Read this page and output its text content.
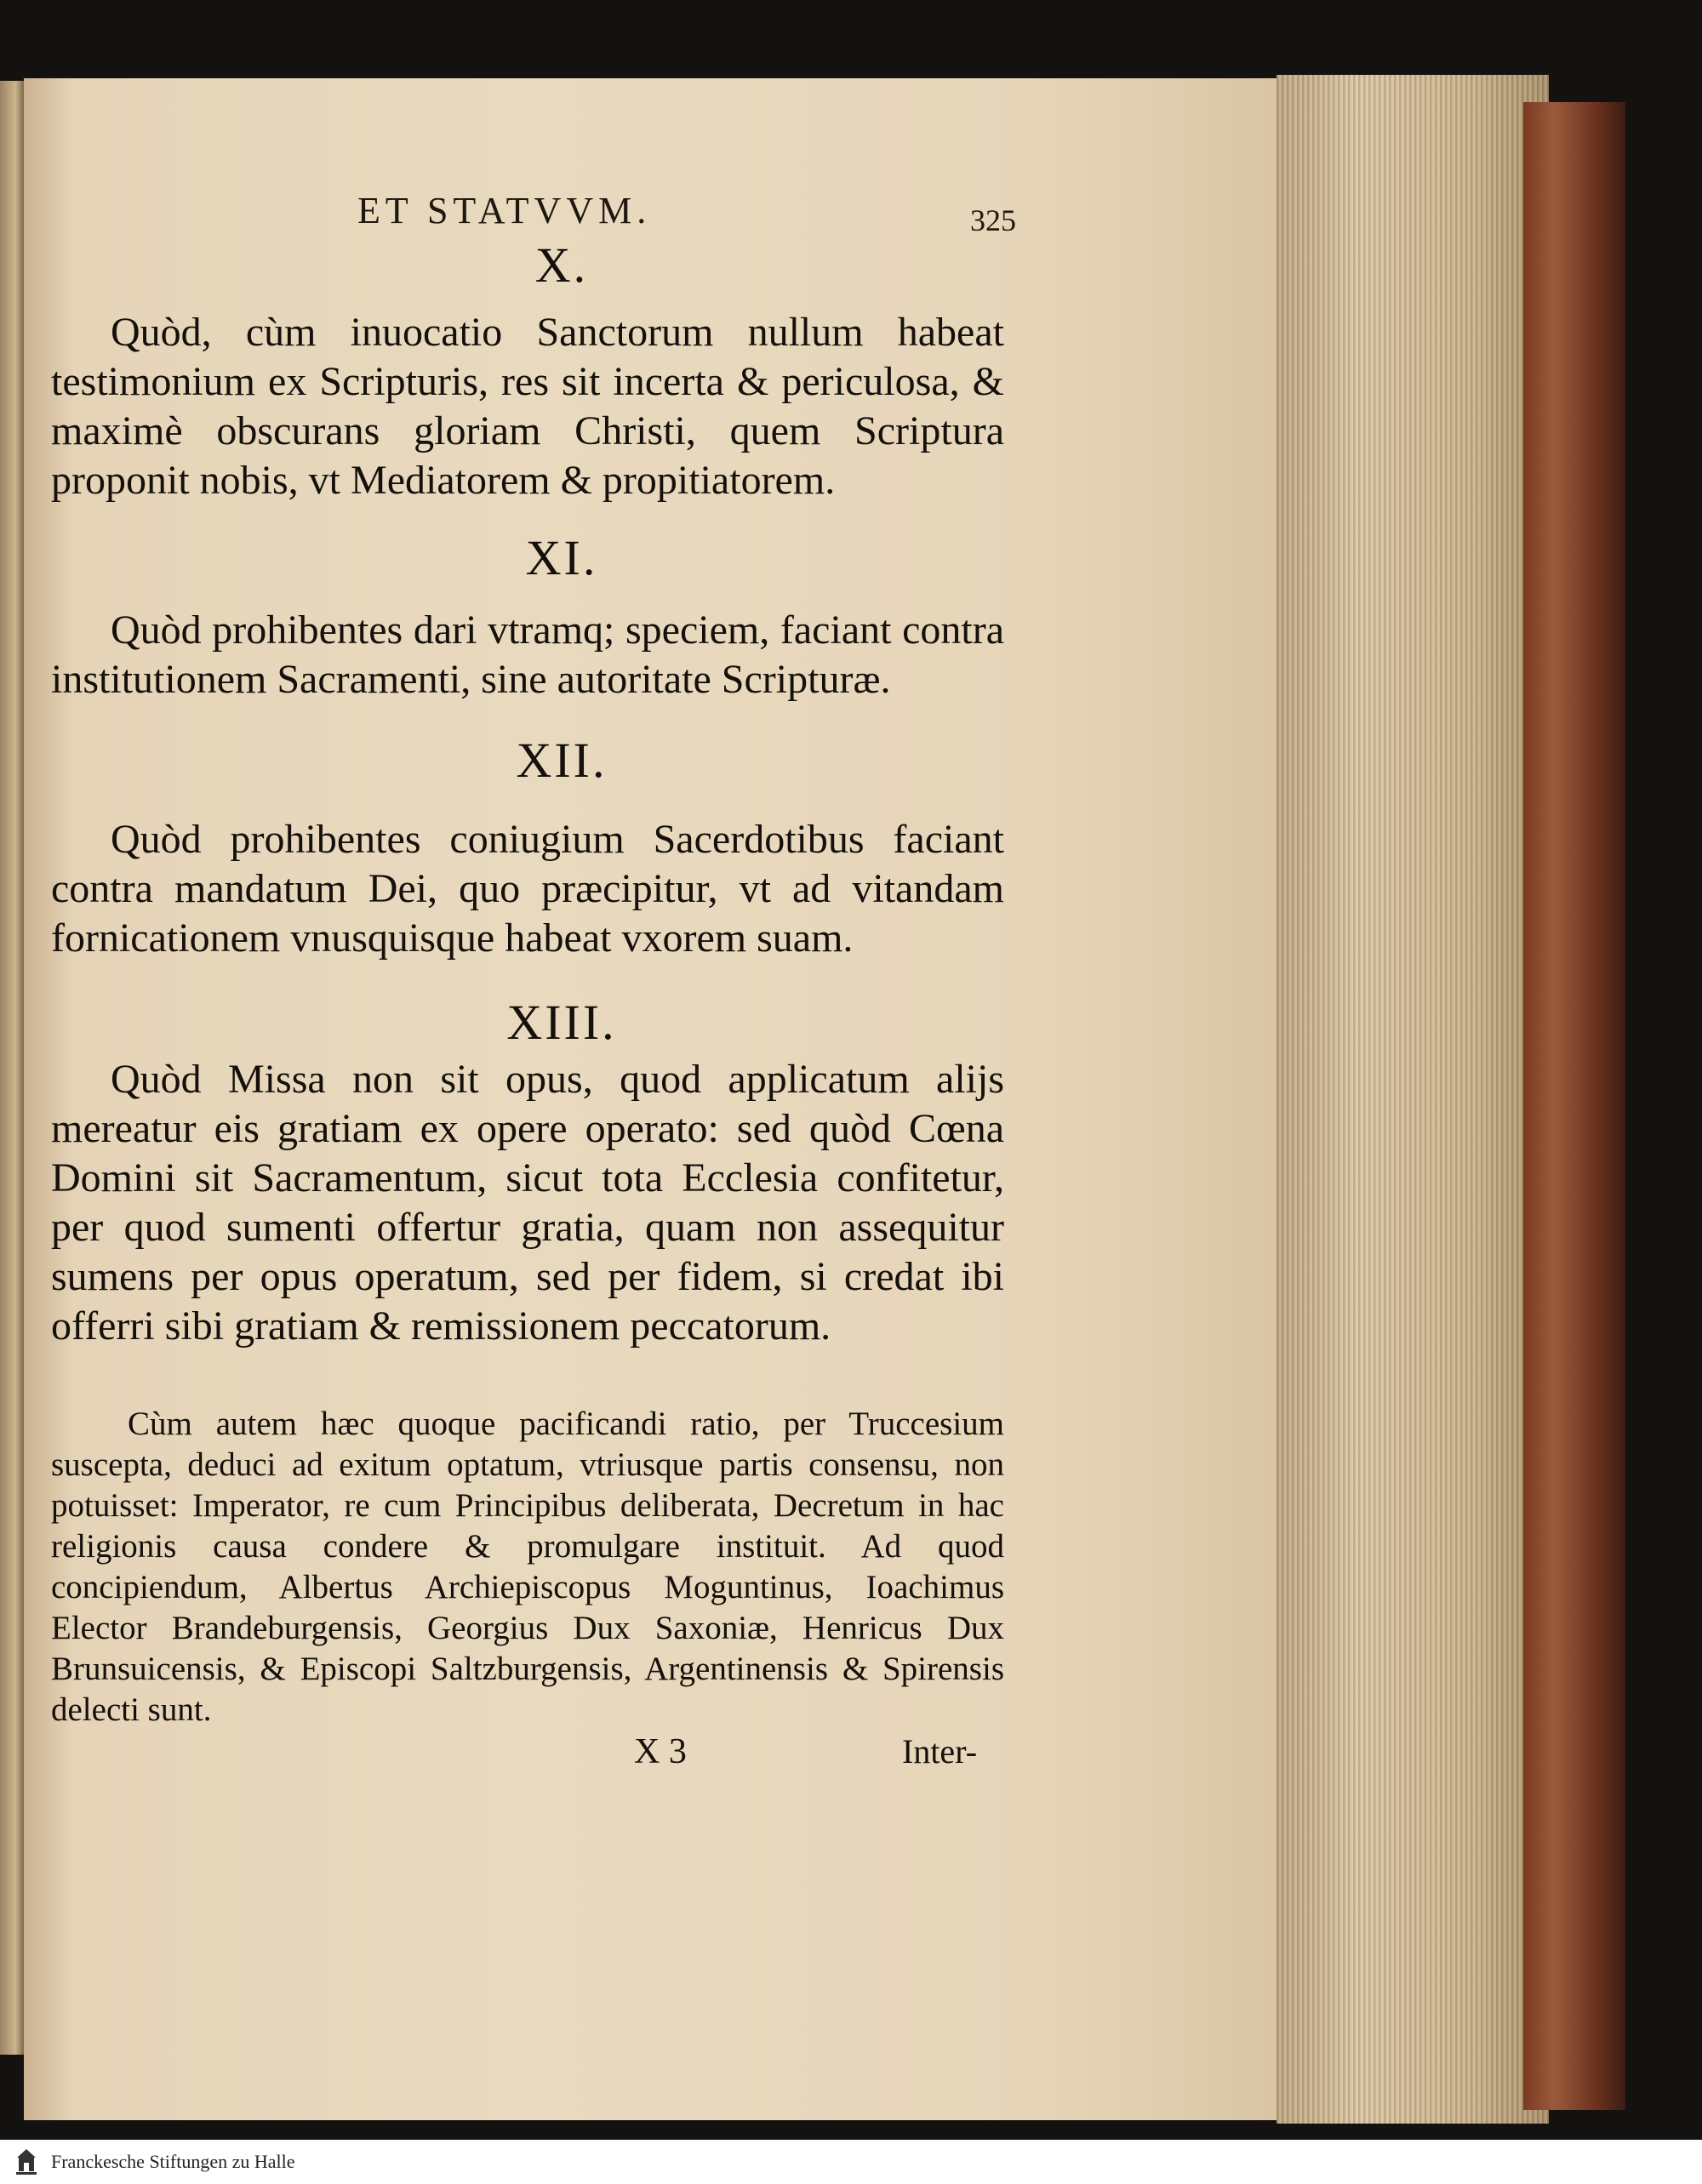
ET STATVVM.	325
X.
Quòd, cùm inuocatio Sanctorum nullum habeat testimonium ex Scripturis, res sit incerta & periculosa, & maximè obscurans gloriam Christi, quem Scriptura proponit nobis, vt Mediatorem & propitiatorem.
XI.
Quòd prohibentes dari vtramq; speciem, faciant contra institutionem Sacramenti, sine autoritate Scripturæ.
XII.
Quòd prohibentes coniugium Sacerdotibus faciant contra mandatum Dei, quo præcipitur, vt ad vitandam fornicationem vnusquisque habeat vxorem suam.
XIII.
Quòd Missa non sit opus, quod applicatum alijs mereatur eis gratiam ex opere operato: sed quòd Cœna Domini sit Sacramentum, sicut tota Ecclesia confitetur, per quod sumenti offertur gratia, quam non assequitur sumens per opus operatum, sed per fidem, si credat ibi offerri sibi gratiam & remissionem peccatorum.
Cùm autem hæc quoque pacificandi ratio, per Truccesium suscepta, deduci ad exitum optatum, vtriusque partis consensu, non potuisset: Imperator, re cum Principibus deliberata, Decretum in hac religionis causa condere & promulgare instituit. Ad quod concipiendum, Albertus Archiepiscopus Moguntinus, Ioachimus Elector Brandeburgensis, Georgius Dux Saxoniæ, Henricus Dux Brunsuicensis, & Episcopi Saltzburgensis, Argentinensis & Spirensis delecti sunt.
X 3	Inter-
Franckesche Stiftungen zu Halle
